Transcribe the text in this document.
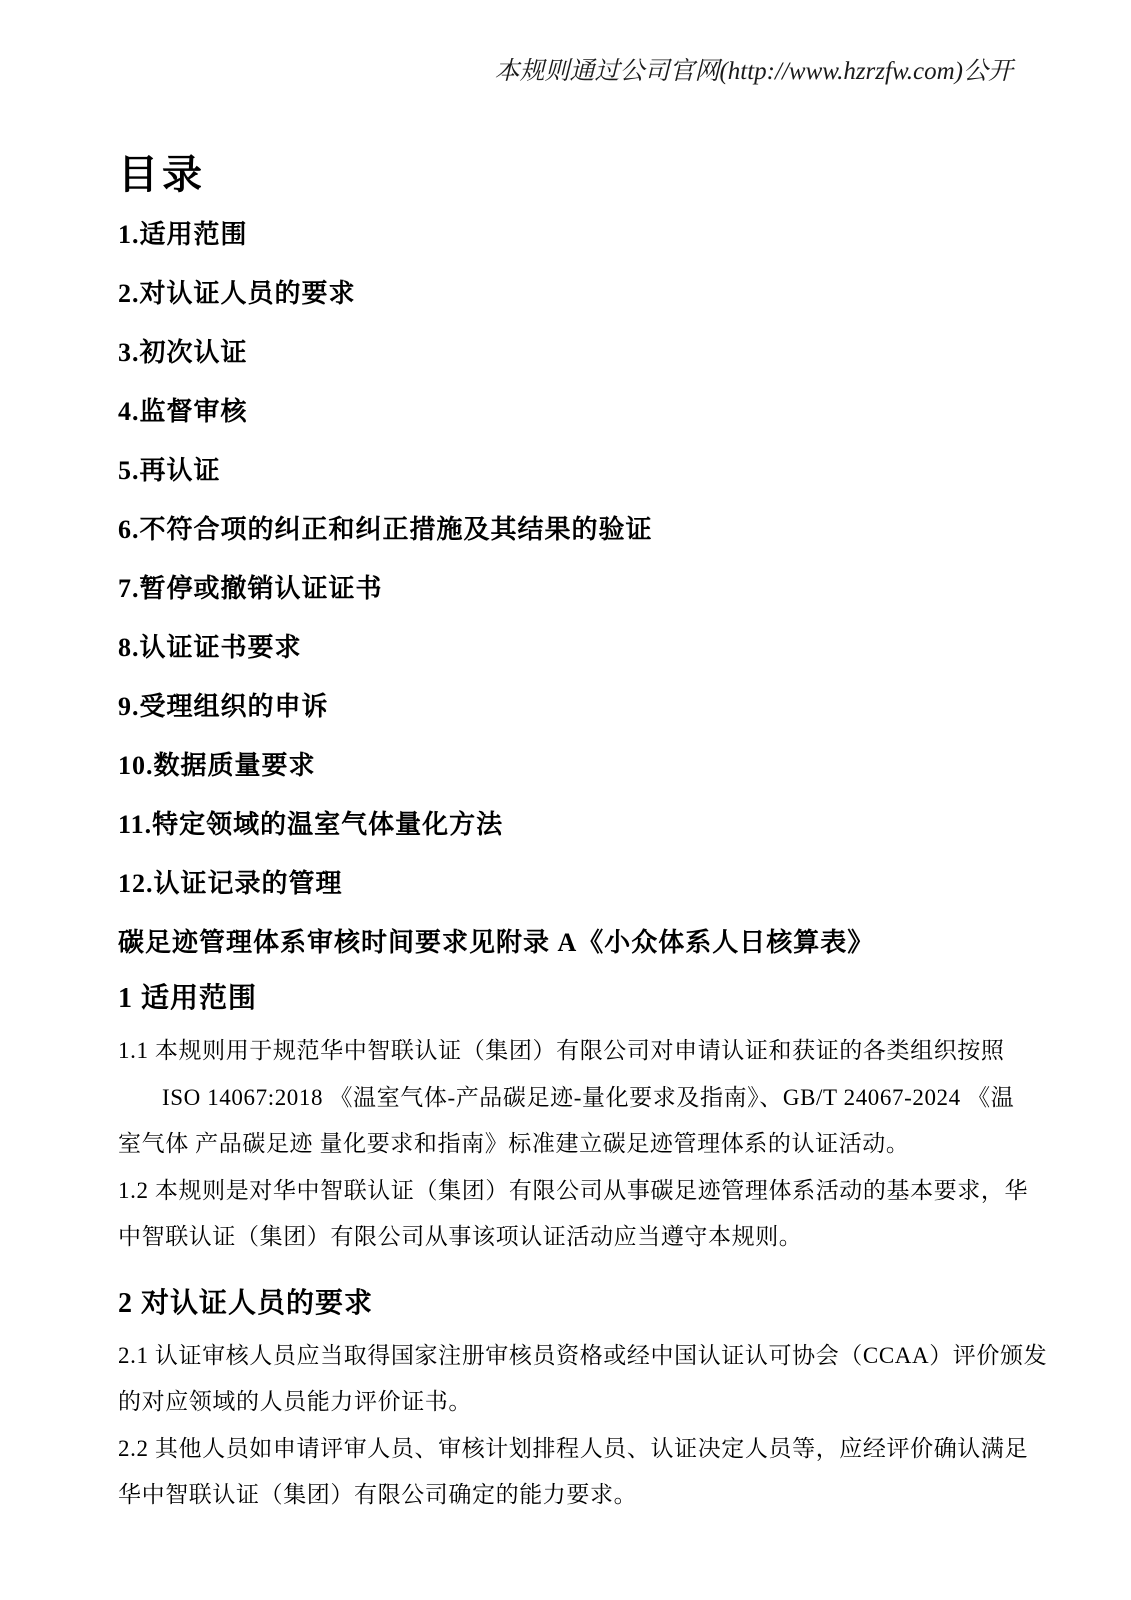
本规则通过公司官网(http://www.hzrzfw.com)公开
目录
1.适用范围
2.对认证人员的要求
3.初次认证
4.监督审核
5.再认证
6.不符合项的纠正和纠正措施及其结果的验证
7.暂停或撤销认证证书
8.认证证书要求
9.受理组织的申诉
10.数据质量要求
11.特定领域的温室气体量化方法
12.认证记录的管理
碳足迹管理体系审核时间要求见附录 A《小众体系人日核算表》
1 适用范围
1.1 本规则用于规范华中智联认证（集团）有限公司对申请认证和获证的各类组织按照
ISO 14067:2018 《温室气体-产品碳足迹-量化要求及指南》、GB/T 24067-2024 《温
室气体 产品碳足迹 量化要求和指南》标准建立碳足迹管理体系的认证活动。
1.2 本规则是对华中智联认证（集团）有限公司从事碳足迹管理体系活动的基本要求，华
中智联认证（集团）有限公司从事该项认证活动应当遵守本规则。
2 对认证人员的要求
2.1 认证审核人员应当取得国家注册审核员资格或经中国认证认可协会（CCAA）评价颁发
的对应领域的人员能力评价证书。
2.2 其他人员如申请评审人员、审核计划排程人员、认证决定人员等，应经评价确认满足
华中智联认证（集团）有限公司确定的能力要求。
